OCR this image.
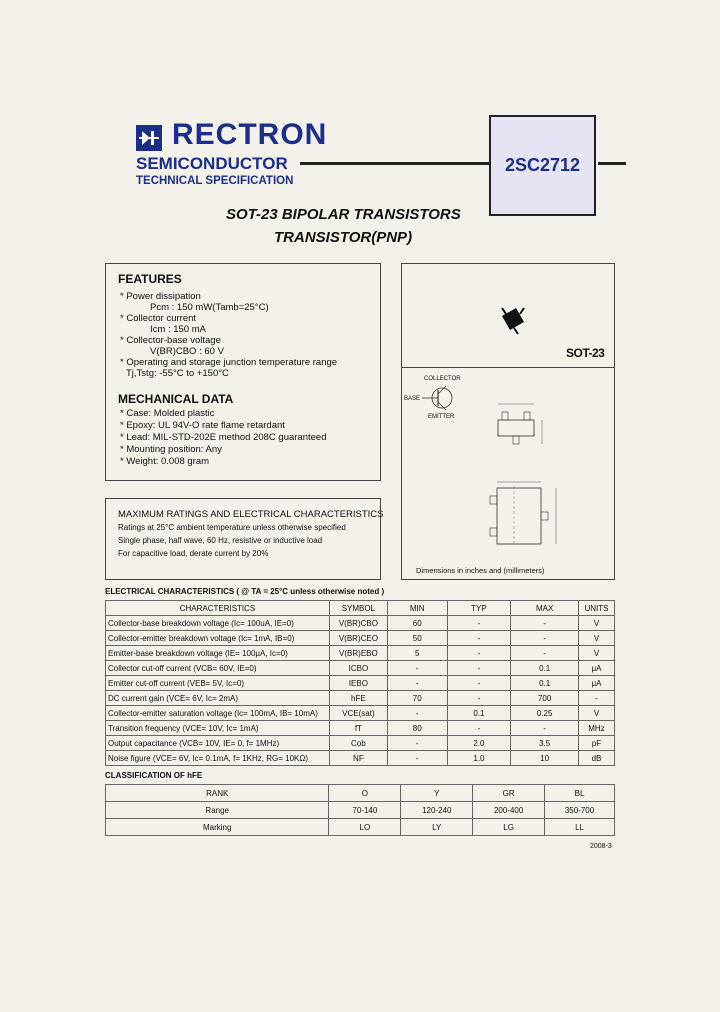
RECTRON
SEMICONDUCTOR
TECHNICAL SPECIFICATION
2SC2712
SOT-23 BIPOLAR TRANSISTORS
TRANSISTOR(PNP)
FEATURES
* Power dissipation
Pcm : 150 mW(Tamb=25°C)
* Collector current
Icm : 150 mA
* Collector-base voltage
V(BR)CBO : 60 V
* Operating and storage junction temperature range
Tj,Tstg: -55°C to +150°C
MECHANICAL DATA
* Case: Molded plastic
* Epoxy: UL 94V-O rate flame retardant
* Lead: MIL-STD-202E method 208C guaranteed
* Mounting position: Any
* Weight: 0.008 gram
MAXIMUM RATINGS AND ELECTRICAL CHARACTERISTICS
Ratings at 25°C ambient temperature unless otherwise specified
Single phase, half wave, 60 Hz, resistive or inductive load
For capacitive load, derate current by 20%
SOT-23
COLLECTOR
BASE
EMITTER
Dimensions in inches and (millimeters)
ELECTRICAL CHARACTERISTICS ( @ TA = 25°C unless otherwise noted )
CHARACTERISTICS	SYMBOL	MIN	TYP	MAX	UNITS
Collector-base breakdown voltage (Ic= 100uA, IE=0)	V(BR)CBO	60	-	-	V
Collector-emitter breakdown voltage (Ic= 1mA, IB=0)	V(BR)CEO	50	-	-	V
Emitter-base breakdown voltage (IE= 100μA, Ic=0)	V(BR)EBO	5	-	-	V
Collector cut-off current (VCB= 60V, IE=0)	ICBO	-	-	0.1	μA
Emitter cut-off current (VEB= 5V, Ic=0)	IEBO	-	-	0.1	μA
DC current gain (VCE= 6V, Ic= 2mA)	hFE	70	-	700	-
Collector-emitter saturation voltage (Ic= 100mA, IB= 10mA)	VCE(sat)	-	0.1	0.25	V
Transition frequency (VCE= 10V, Ic= 1mA)	fT	80	-	-	MHz
Output capacitance (VCB= 10V, IE= 0, f= 1MHz)	Cob	-	2.0	3.5	pF
Noise figure (VCE= 6V, Ic= 0.1mA, f= 1KHz, RG= 10KΩ)	NF	-	1.0	10	dB
CLASSIFICATION OF hFE
RANK	O	Y	GR	BL
Range	70-140	120-240	200-400	350-700
Marking	LO	LY	LG	LL
2008-3
